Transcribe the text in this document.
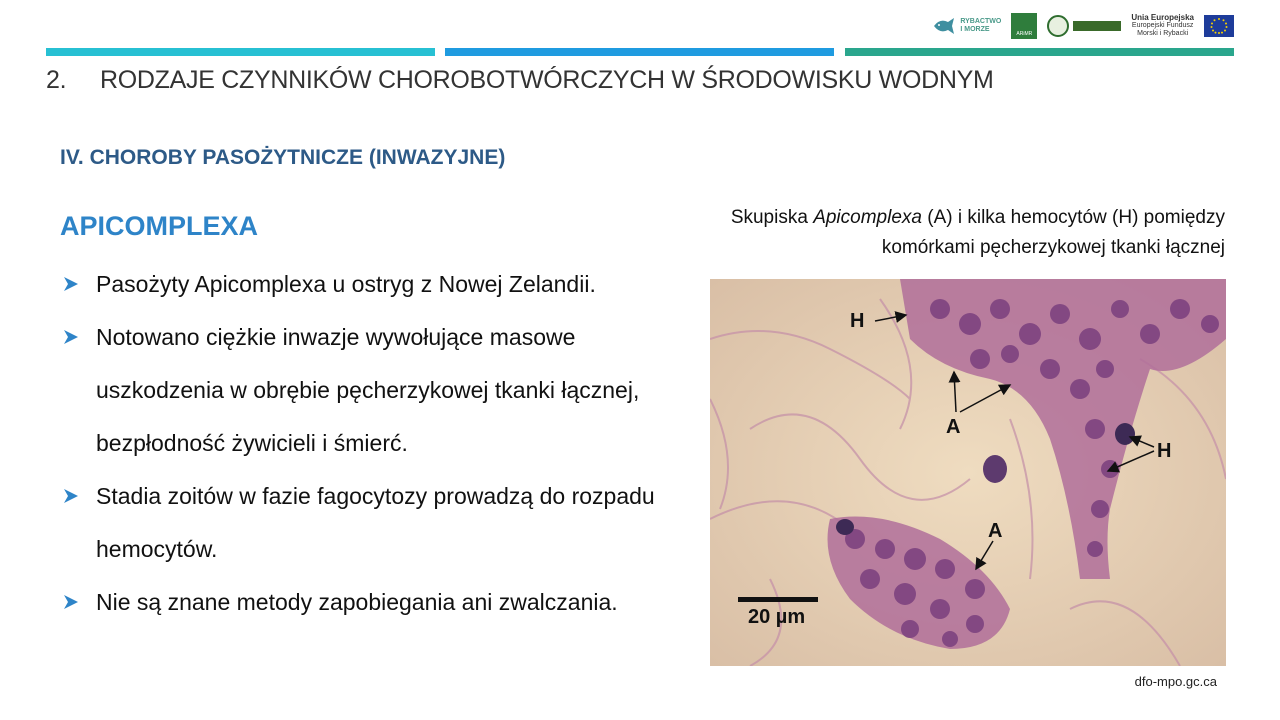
RYBACTWO
I MORZE
ARiMR
Unia Europejska
Europejski Fundusz
Morski i Rybacki
2. RODZAJE CZYNNIKÓW CHOROBOTWÓRCZYCH W ŚRODOWISKU WODNYM
IV. CHOROBY PASOŻYTNICZE (INWAZYJNE)
APICOMPLEXA
Pasożyty Apicomplexa u ostryg z Nowej Zelandii.
Notowano ciężkie inwazje wywołujące masowe uszkodzenia w obrębie pęcherzykowej tkanki łącznej, bezpłodność żywicieli i śmierć.
Stadia zoitów w fazie fagocytozy prowadzą do rozpadu hemocytów.
Nie są znane metody zapobiegania ani zwalczania.
Skupiska Apicomplexa (A) i kilka hemocytów (H) pomiędzy komórkami pęcherzykowej tkanki łącznej
H
A
H
A
20 µm
dfo-mpo.gc.ca
